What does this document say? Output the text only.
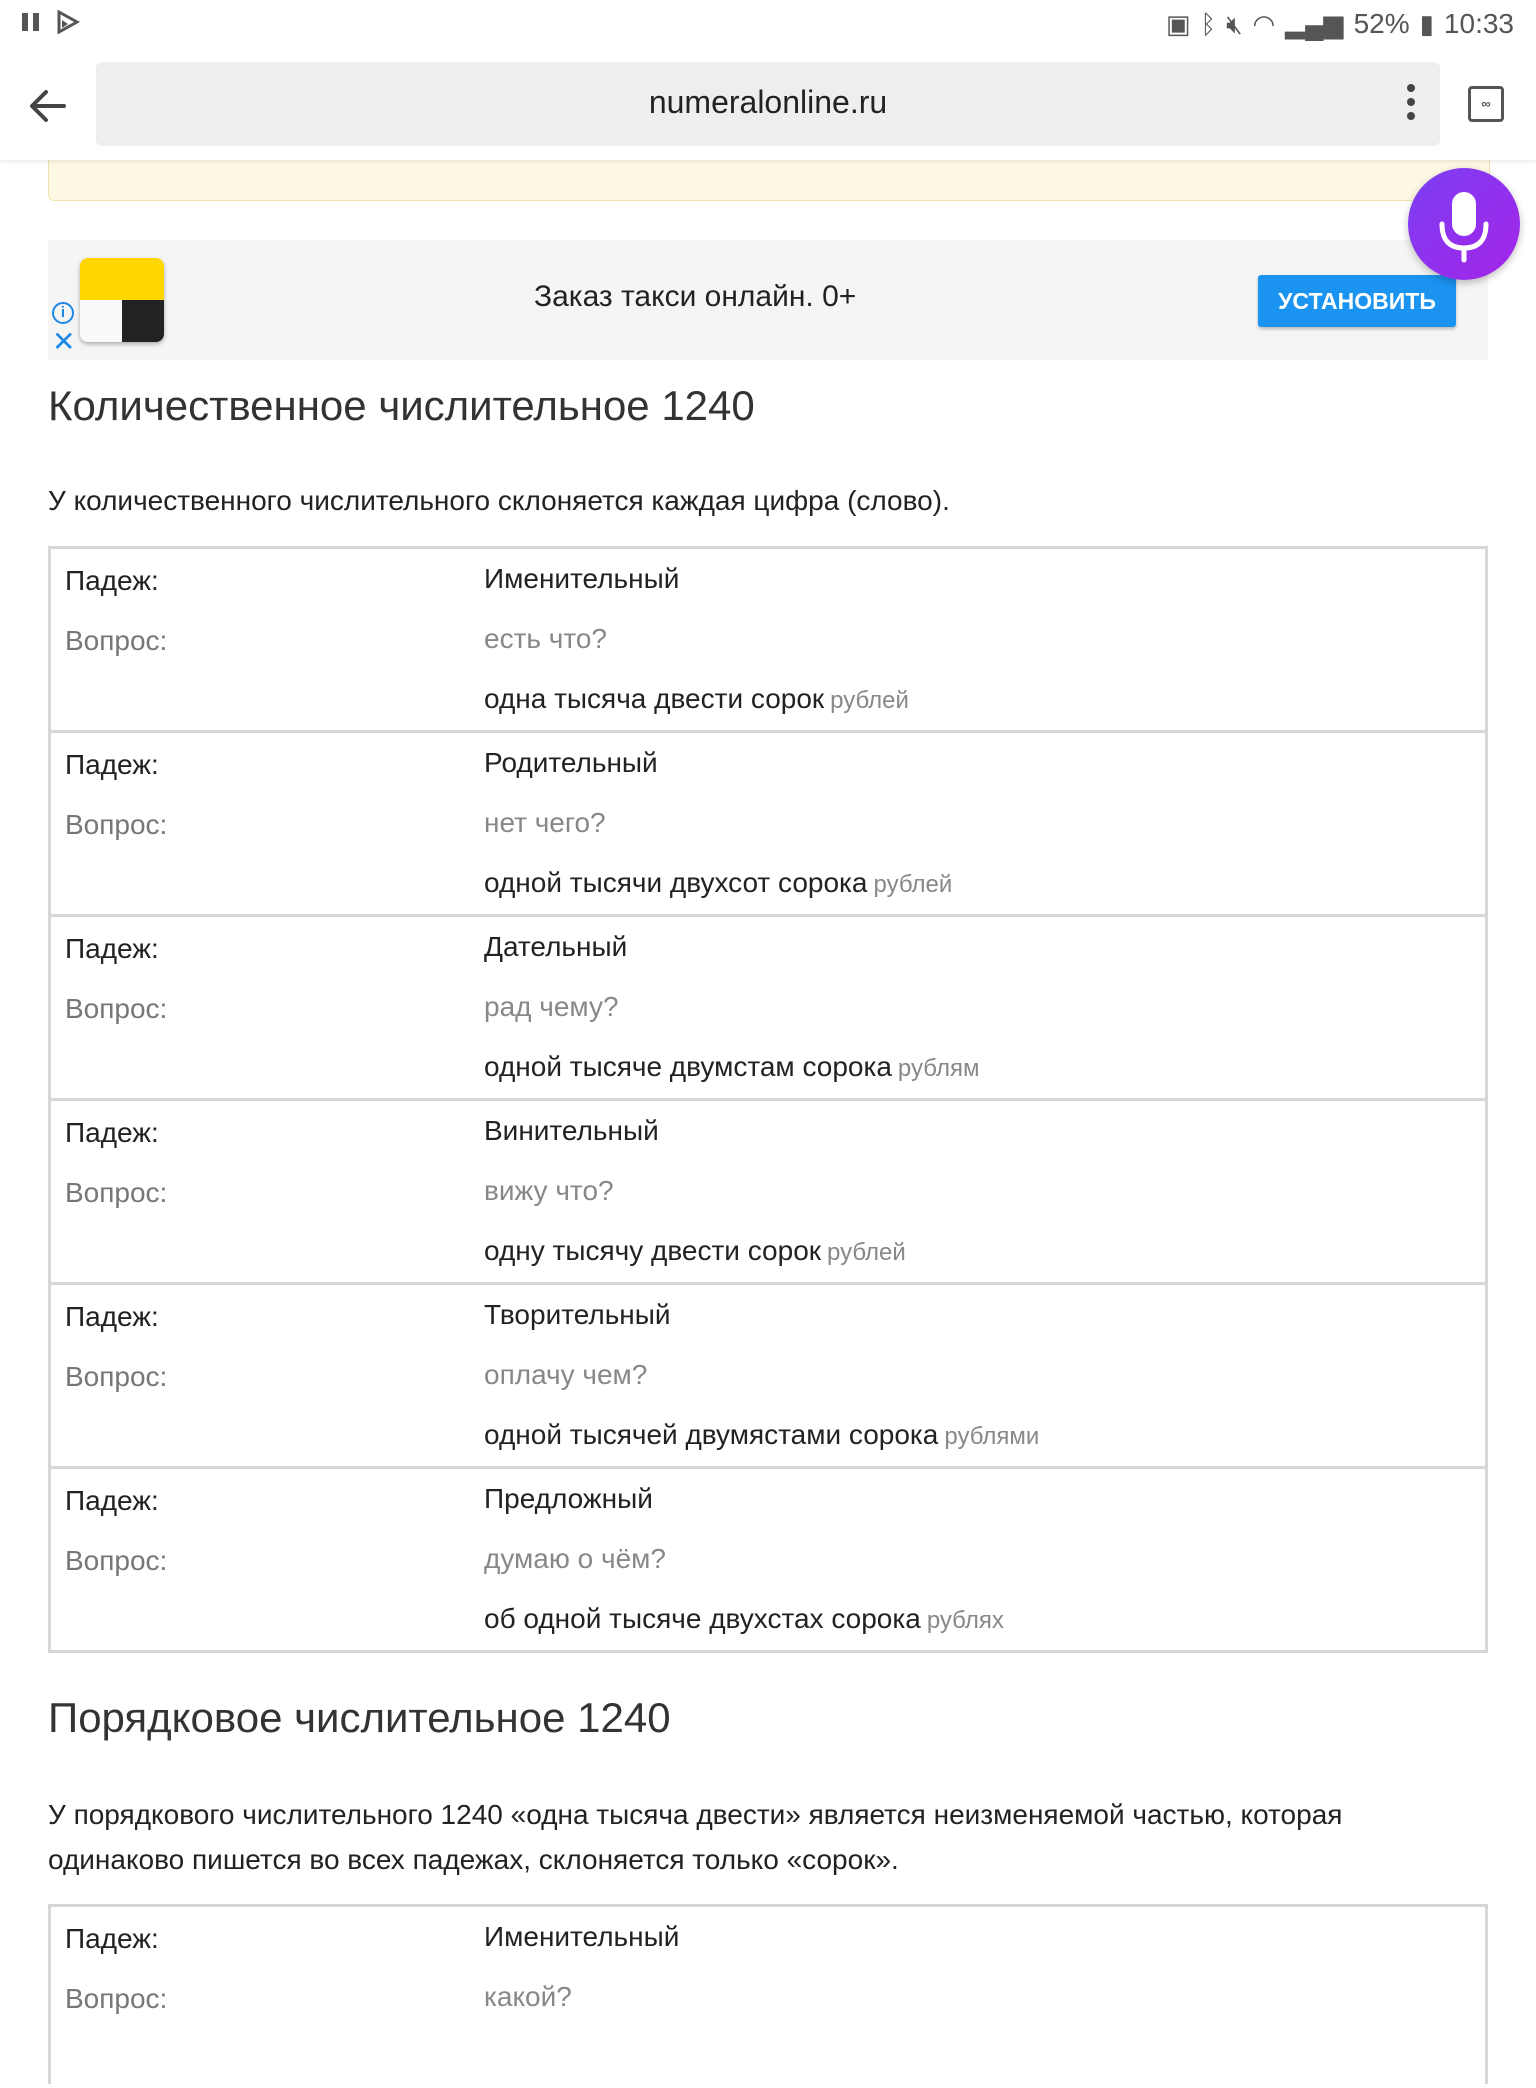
▣ ᛒ 🔇︎ ◠ ▂▄▆ 52% ▮ 10:33
numeralonline.ru	∞
i
✕
Заказ такси онлайн. 0+	УСТАНОВИТЬ
Количественное числительное 1240

У количественного числительного склоняется каждая цифра (слово).

Падеж:
Вопрос:
Именительный
есть что?
одна тысяча двести сорок рублей
Падеж:
Вопрос:
Родительный
нет чего?
одной тысячи двухсот сорока рублей
Падеж:
Вопрос:
Дательный
рад чему?
одной тысяче двумстам сорока рублям
Падеж:
Вопрос:
Винительный
вижу что?
одну тысячу двести сорок рублей
Падеж:
Вопрос:
Творительный
оплачу чем?
одной тысячей двумястами сорока рублями
Падеж:
Вопрос:
Предложный
думаю о чём?
об одной тысяче двухстах сорока рублях
Порядковое числительное 1240

У порядкового числительного 1240 «одна тысяча двести» является неизменяемой частью, которая одинаково пишется во всех падежах, склоняется только «сорок».

Падеж:
Вопрос:
Именительный
какой?
